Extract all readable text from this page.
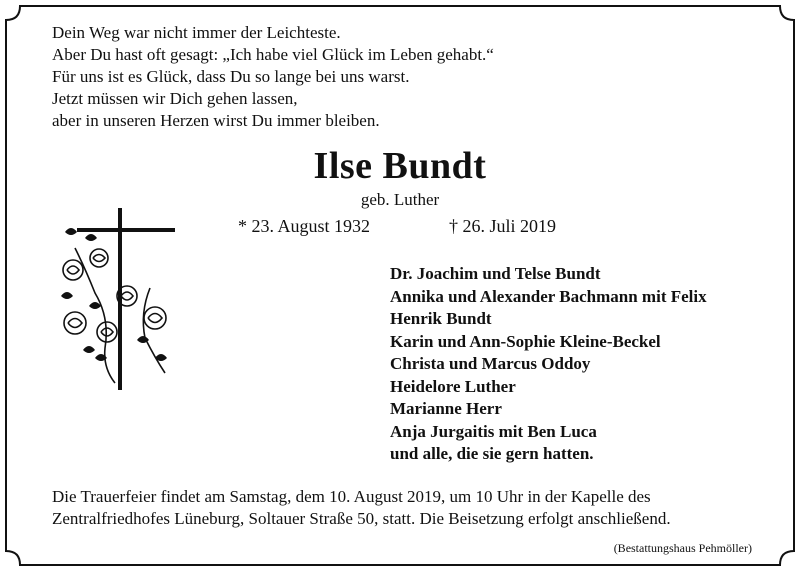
Dein Weg war nicht immer der Leichteste.
Aber Du hast oft gesagt: „Ich habe viel Glück im Leben gehabt.“
Für uns ist es Glück, dass Du so lange bei uns warst.
Jetzt müssen wir Dich gehen lassen,
aber in unseren Herzen wirst Du immer bleiben.
Ilse Bundt
geb. Luther
* 23. August 1932	† 26. Juli 2019
Dr. Joachim und Telse Bundt
Annika und Alexander Bachmann mit Felix
Henrik Bundt
Karin und Ann-Sophie Kleine-Beckel
Christa und Marcus Oddoy
Heidelore Luther
Marianne Herr
Anja Jurgaitis mit Ben Luca
und alle, die sie gern hatten.
Die Trauerfeier findet am Samstag, dem 10. August 2019, um 10 Uhr in der Kapelle des
Zentralfriedhofes Lüneburg, Soltauer Straße 50, statt. Die Beisetzung erfolgt anschließend.
(Bestattungshaus Pehmöller)
